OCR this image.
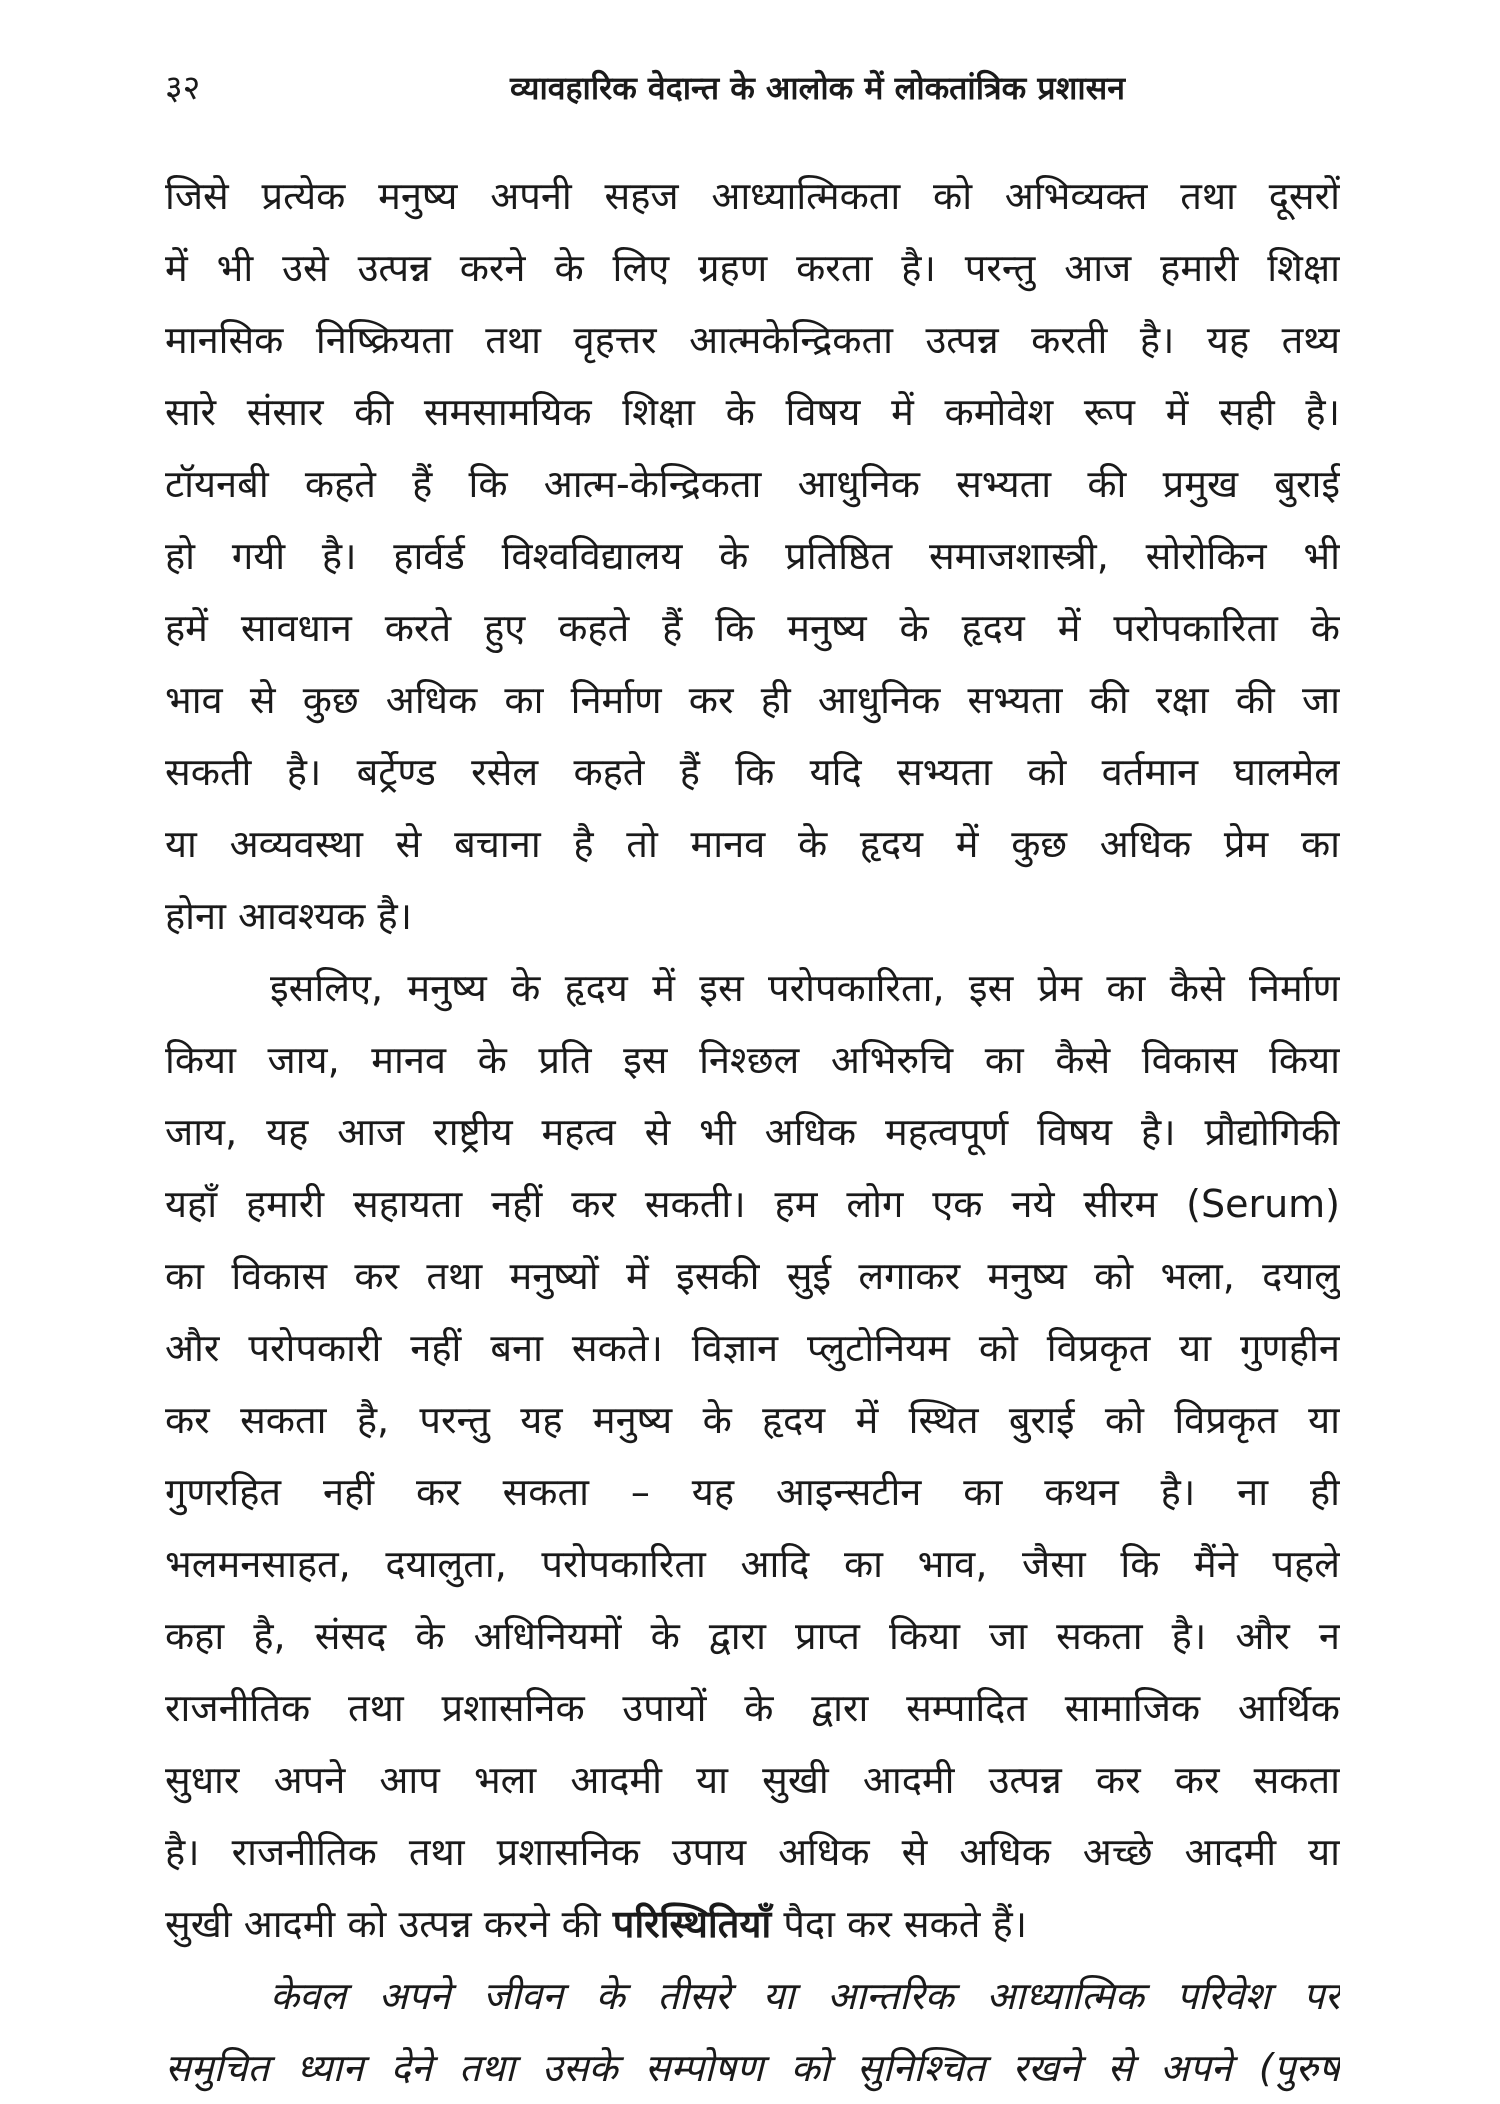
३२	व्यावहारिक वेदान्त के आलोक में लोकतांत्रिक प्रशासन
जिसे प्रत्येक मनुष्य अपनी सहज आध्यात्मिकता को अभिव्यक्त तथा दूसरों
में भी उसे उत्पन्न करने के लिए ग्रहण करता है। परन्तु आज हमारी शिक्षा
मानसिक निष्क्रियता तथा वृहत्तर आत्मकेन्द्रिकता उत्पन्न करती है। यह तथ्य
सारे संसार की समसामयिक शिक्षा के विषय में कमोवेश रूप में सही है।
टॉयनबी कहते हैं कि आत्म-केन्द्रिकता आधुनिक सभ्यता की प्रमुख बुराई
हो गयी है। हार्वर्ड विश्वविद्यालय के प्रतिष्ठित समाजशास्त्री, सोरोकिन भी
हमें सावधान करते हुए कहते हैं कि मनुष्य के हृदय में परोपकारिता के
भाव से कुछ अधिक का निर्माण कर ही आधुनिक सभ्यता की रक्षा की जा
सकती है। बर्ट्रेण्ड रसेल कहते हैं कि यदि सभ्यता को वर्तमान घालमेल
या अव्यवस्था से बचाना है तो मानव के हृदय में कुछ अधिक प्रेम का
होना आवश्यक है।
इसलिए, मनुष्य के हृदय में इस परोपकारिता, इस प्रेम का कैसे निर्माण
किया जाय, मानव के प्रति इस निश्छल अभिरुचि का कैसे विकास किया
जाय, यह आज राष्ट्रीय महत्व से भी अधिक महत्वपूर्ण विषय है। प्रौद्योगिकी
यहाँ हमारी सहायता नहीं कर सकती। हम लोग एक नये सीरम (Serum)
का विकास कर तथा मनुष्यों में इसकी सुई लगाकर मनुष्य को भला, दयालु
और परोपकारी नहीं बना सकते। विज्ञान प्लुटोनियम को विप्रकृत या गुणहीन
कर सकता है, परन्तु यह मनुष्य के हृदय में स्थित बुराई को विप्रकृत या
गुणरहित नहीं कर सकता – यह आइन्सटीन का कथन है। ना ही
भलमनसाहत, दयालुता, परोपकारिता आदि का भाव, जैसा कि मैंने पहले
कहा है, संसद के अधिनियमों के द्वारा प्राप्त किया जा सकता है। और न
राजनीतिक तथा प्रशासनिक उपायों के द्वारा सम्पादित सामाजिक आर्थिक
सुधार अपने आप भला आदमी या सुखी आदमी उत्पन्न कर कर सकता
है। राजनीतिक तथा प्रशासनिक उपाय अधिक से अधिक अच्छे आदमी या
सुखी आदमी को उत्पन्न करने की परिस्थितियाँ पैदा कर सकते हैं।
केवल अपने जीवन के तीसरे या आन्तरिक आध्यात्मिक परिवेश पर
समुचित ध्यान देने तथा उसके सम्पोषण को सुनिश्चित रखने से अपने (पुरुष
